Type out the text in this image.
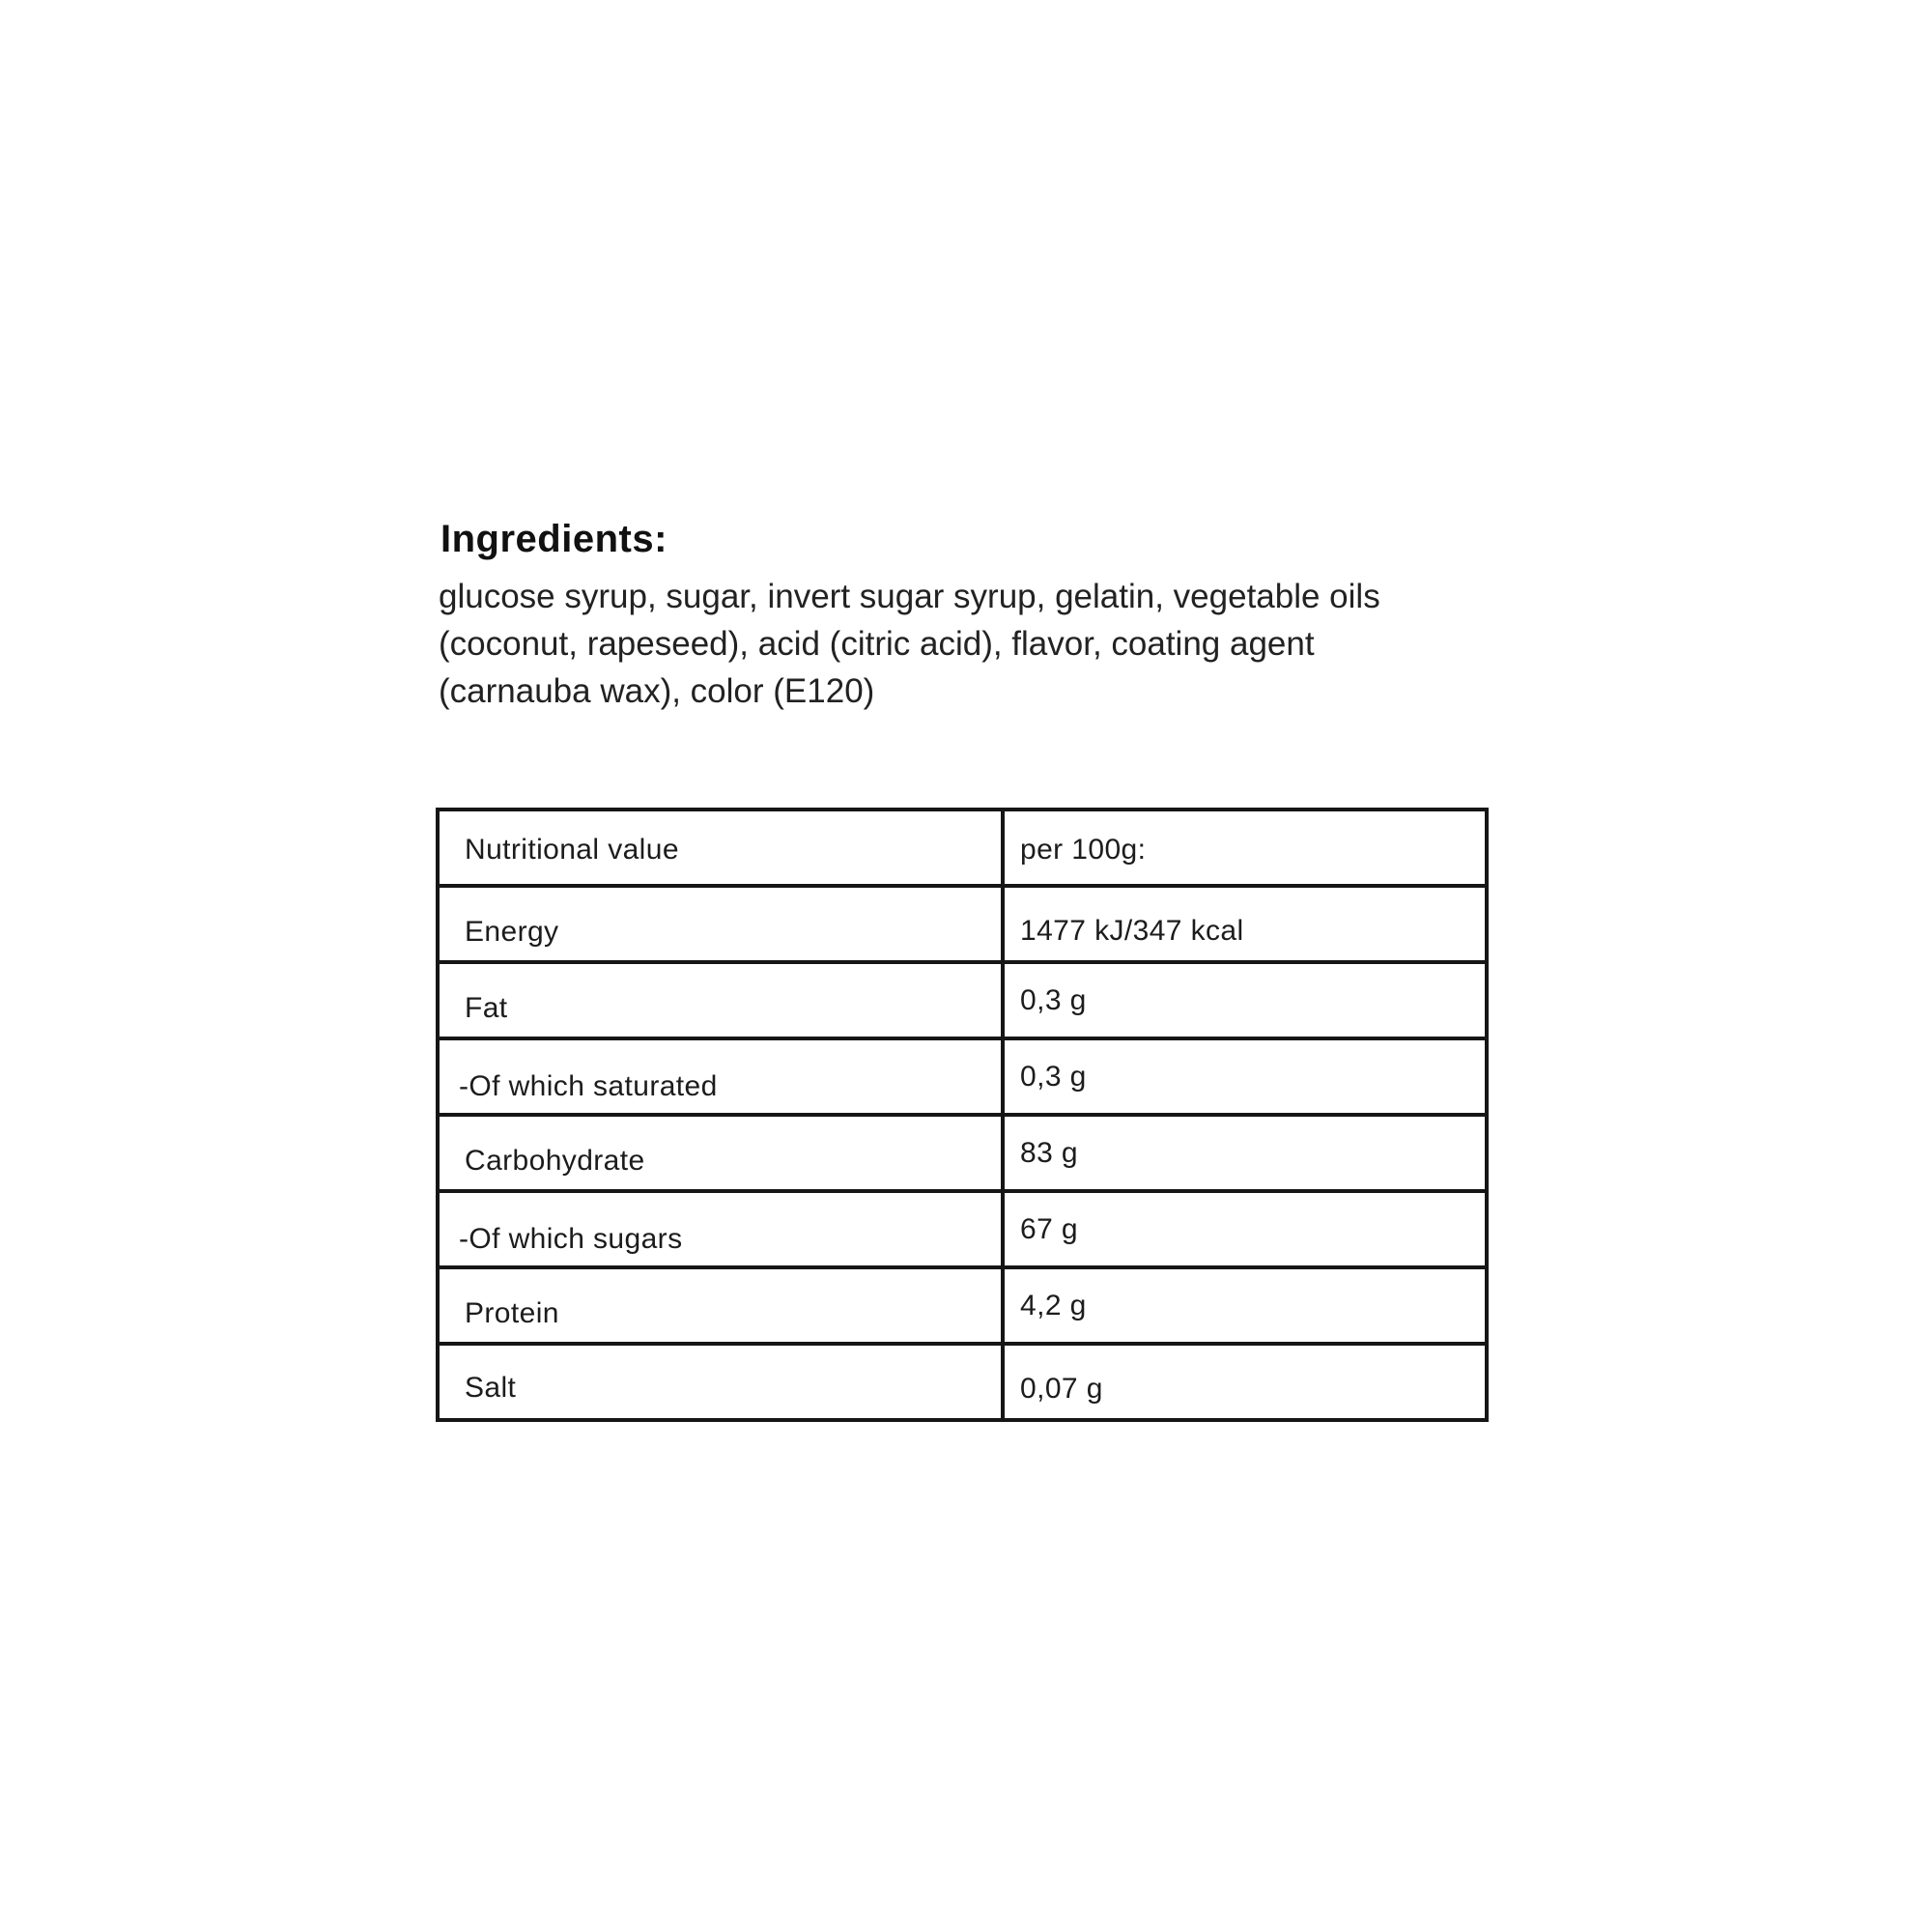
Ingredients:
glucose syrup, sugar, invert sugar syrup, gelatin, vegetable oils
(coconut, rapeseed), acid (citric acid), flavor, coating agent
(carnauba wax), color (E120)
Nutritional value	per 100g:
Energy	1477 kJ/347 kcal
Fat	0,3 g
-Of which saturated	0,3 g
Carbohydrate	83 g
-Of which sugars	67 g
Protein	4,2 g
Salt	0,07 g
